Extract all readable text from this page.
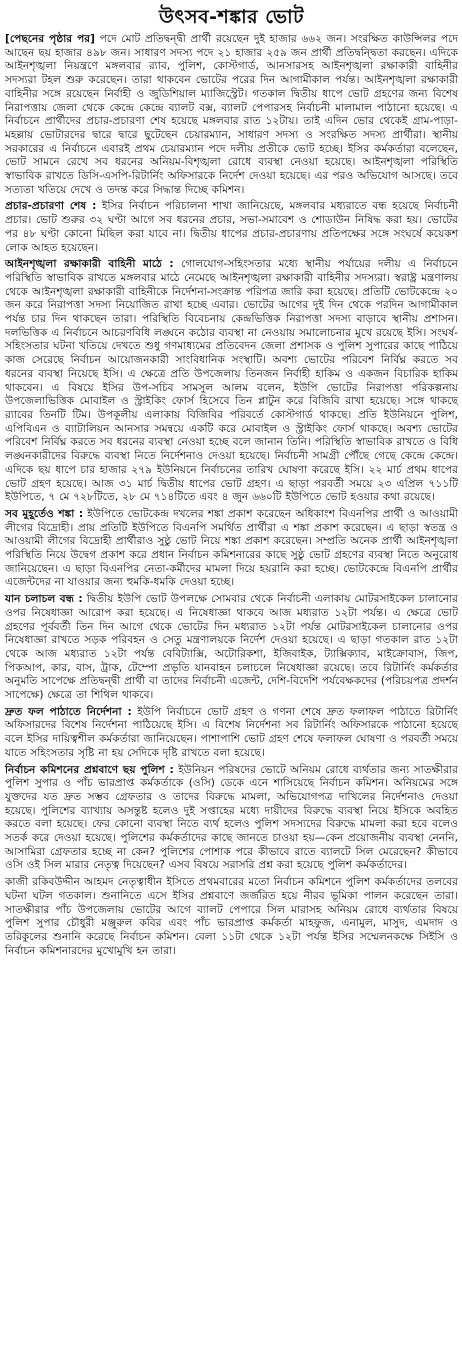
উৎসব-শঙ্কার ভোট

[পেছনের পৃষ্ঠার পর] পদে মোট প্রতিদ্বন্দ্বী প্রার্থী রয়েছেন দুই হাজার ৬৬২ জন। সংরক্ষিত কাউন্সিলর পদে আছেন ছয় হাজার ৪৯৮ জন। সাধারণ সদস্য পদে ২১ হাজার ২৫৯ জন প্রার্থী প্রতিদ্বন্দ্বিতা করছেন। এদিকে আইনশৃঙ্খলা নিয়ন্ত্রণে মঙ্গলবার র‍্যাব, পুলিশ, কোস্টগার্ড, আনসারসহ আইনশৃঙ্খলা রক্ষাকারী বাহিনীর সদস্যরা টহল শুরু করেছেন। তারা থাকবেন ভোটের পরের দিন আগামীকাল পর্যন্ত। আইনশৃঙ্খলা রক্ষাকারী বাহিনীর সঙ্গে রয়েছেন নির্বাহী ও জুডিশিয়াল ম্যাজিস্ট্রেট। গতকাল দ্বিতীয় ধাপে ভোট গ্রহণের জন্য বিশেষ নিরাপত্তায় জেলা থেকে কেন্দ্রে কেন্দ্রে ব্যালট বক্স, ব্যালট পেপারসহ নির্বাচনী মালামাল পাঠানো হয়েছে। এ নির্বাচনে প্রার্থীদের প্রচার-প্রচারণা শেষ হয়েছে মঙ্গলবার রাত ১২টায়। তাই এদিন ভোর থেকেই গ্রাম-পাড়া-মহল্লায় ভোটারদের দ্বারে দ্বারে ছুটেছেন চেয়ারম্যান, সাধারণ সদস্য ও সংরক্ষিত সদস্য প্রার্থীরা। স্থানীয় সরকারের এ নির্বাচনে এবারই প্রথম চেয়ারম্যান পদে দলীয় প্রতীকে ভোট হচ্ছে। ইসির কর্মকর্তারা বলেছেন, ভোট সামনে রেখে সব ধরনের অনিয়ম-বিশৃঙ্খলা রোধে ব্যবস্থা নেওয়া হয়েছে। আইনশৃঙ্খলা পরিস্থিতি স্বাভাবিক রাখতে ডিসি-এসপি-রিটার্নিং অফিসারকে নির্দেশ দেওয়া হয়েছে। এর পরও অভিযোগ আসছে। তবে সত্যতা খতিয়ে দেখে ও তদন্ত করে সিদ্ধান্ত দিচ্ছে কমিশন।

প্রচার-প্রচারণা শেষ : ইসির নির্বাচন পরিচালনা শাখা জানিয়েছে, মঙ্গলবার মধ্যরাতে বন্ধ হয়েছে নির্বাচনী প্রচার। ভোট শুরুর ৩২ ঘণ্টা আগে সব ধরনের প্রচার, সভা-সমাবেশ ও শোডাউন নিষিদ্ধ করা হয়। ভোটের পর ৪৮ ঘণ্টা কোনো মিছিল করা যাবে না। দ্বিতীয় ধাপের প্রচার-প্রচারণায় প্রতিপক্ষের সঙ্গে সংঘর্ষে কয়েকশ লোক আহত হয়েছেন।

আইনশৃঙ্খলা রক্ষাকারী বাহিনী মাঠে : গোলযোগ-সহিংসতার মধ্যে স্থানীয় পর্যায়ের দলীয় এ নির্বাচনে পরিস্থিতি স্বাভাবিক রাখতে মঙ্গলবার মাঠে নেমেছে আইনশৃঙ্খলা রক্ষাকারী বাহিনীর সদস্যরা। স্বরাষ্ট্র মন্ত্রণালয় থেকে আইনশৃঙ্খলা রক্ষাকারী বাহিনীকে নির্দেশনা-সংক্রান্ত পরিপত্র জারি করা হয়েছে। প্রতিটি ভোটকেন্দ্রে ২০ জন করে নিরাপত্তা সদস্য নিয়োজিত রাখা হচ্ছে এবার। ভোটের আগের দুই দিন থেকে পরদিন আগামীকাল পর্যন্ত চার দিন থাকছেন তারা। পরিস্থিতি বিবেচনায় কেন্দ্রভিত্তিক নিরাপত্তা সদস্য বাড়াবে স্থানীয় প্রশাসন। দলভিত্তিক এ নির্বাচনে আচরণবিধি লঙ্ঘনে কঠোর ব্যবস্থা না নেওয়ায় সমালোচনার মুখে রয়েছে ইসি। সংঘর্ষ-সহিংসতার ঘটনা খতিয়ে দেখতে শুধু গণমাধ্যমের প্রতিবেদন জেলা প্রশাসক ও পুলিশ সুপারের কাছে পাঠিয়ে কাজ সেরেছে নির্বাচন আয়োজনকারী সাংবিধানিক সংস্থাটি। অবশ্য ভোটের পরিবেশ নির্বিঘ্ন করতে সব ধরনের ব্যবস্থা নিয়েছে ইসি। এ ক্ষেত্রে প্রতি উপজেলায় তিনজন নির্বাহী হাকিম ও একজন বিচারিক হাকিম থাকবেন। এ বিষয়ে ইসির উপ-সচিব সামসুল আলম বলেন, ইউপি ভোটের নিরাপত্তা পরিকল্পনায় উপজেলাভিত্তিক মোবাইল ও স্ট্রাইকিং ফোর্স হিসেবে তিন প্লাটুন করে বিজিবি রাখা হয়েছে। সঙ্গে থাকছে র‍্যাবের তিনটি টিম। উপকূলীয় এলাকায় বিজিবির পরিবর্তে কোস্টগার্ড থাকছে। প্রতি ইউনিয়নে পুলিশ, এপিবিএন ও ব্যাটালিয়ন আনসার সমন্বয়ে একটি করে মোবাইল ও স্ট্রাইকিং ফোর্স থাকছে। অবশ্য ভোটের পরিবেশ নির্বিঘ্ন করতে সব ধরনের ব্যবস্থা নেওয়া হচ্ছে বলে জানান তিনি। পরিস্থিতি স্বাভাবিক রাখতে ও বিধি লঙ্ঘনকারীদের বিরুদ্ধে ব্যবস্থা নিতে নির্দেশনাও দেওয়া হয়েছে। নির্বাচনী সামগ্রী পৌঁছে গেছে কেন্দ্রে কেন্দ্রে। এদিকে ছয় ধাপে চার হাজার ২৭৯ ইউনিয়নে নির্বাচনের তারিখ ঘোষণা করেছে ইসি। ২২ মার্চ প্রথম ধাপের ভোট গ্রহণ হয়েছে। আজ ৩১ মার্চ দ্বিতীয় ধাপের ভোট গ্রহণ। এ ছাড়া পরবর্তী সময়ে ২৩ এপ্রিল ৭১১টি ইউপিতে, ৭ মে ৭২৮টিতে, ২৮ মে ৭১৪টিতে এবং ৪ জুন ৬৬০টি ইউপিতে ভোট হওয়ার কথা রয়েছে।

সব মুহূর্তেও শঙ্কা : ইউপিতে ভোটকেন্দ্র দখলের শঙ্কা প্রকাশ করেছেন অধিকাংশ বিএনপির প্রার্থী ও আওয়ামী লীগের বিদ্রোহী। প্রায় প্রতিটি ইউপিতে বিএনপি সমর্থিত প্রার্থীরা এ শঙ্কা প্রকাশ করেছেন। এ ছাড়া স্বতন্ত্র ও আওয়ামী লীগের বিদ্রোহী প্রার্থীরাও সুষ্ঠু ভোট নিয়ে শঙ্কা প্রকাশ করেছেন। সম্প্রতি অনেক প্রার্থী আইনশৃঙ্খলা পরিস্থিতি নিয়ে উদ্বেগ প্রকাশ করে প্রধান নির্বাচন কমিশনারের কাছে সুষ্ঠু ভোট গ্রহণের ব্যবস্থা নিতে অনুরোধ জানিয়েছেন। এ ছাড়া বিএনপির নেতা-কর্মীদের মামলা দিয়ে হয়রানি করা হচ্ছে। ভোটকেন্দ্রে বিএনপি প্রার্থীর এজেন্টদের না যাওয়ার জন্য হুমকি-ধমকি দেওয়া হচ্ছে।

যান চলাচল বন্ধ : দ্বিতীয় ইউপি ভোট উপলক্ষে সোমবার থেকে নির্বাচনী এলাকায় মোটরসাইকেল চালানোর ওপর নিষেধাজ্ঞা আরোপ করা হয়েছে। এ নিষেধাজ্ঞা থাকবে আজ মধ্যরাত ১২টা পর্যন্ত। এ ক্ষেত্রে ভোট গ্রহণের পূর্ববর্তী তিন দিন আগে থেকে ভোটের দিন মধ্যরাত ১২টা পর্যন্ত মোটরসাইকেল চালানোর ওপর নিষেধাজ্ঞা রাখতে সড়ক পরিবহন ও সেতু মন্ত্রণালয়কে নির্দেশ দেওয়া হয়েছে। এ ছাড়া গতকাল রাত ১২টা থেকে আজ মধ্যরাত ১২টা পর্যন্ত বেবিট্যাক্সি, অটোরিকশা, ইজিবাইক, ট্যাক্সিক্যাব, মাইক্রোবাস, জিপ, পিকআপ, কার, বাস, ট্রাক, টেম্পো প্রভৃতি যানবাহন চলাচলে নিষেধাজ্ঞা রয়েছে। তবে রিটার্নিং কর্মকর্তার অনুমতি সাপেক্ষে প্রতিদ্বন্দ্বী প্রার্থী বা তাদের নির্বাচনী এজেন্ট, দেশি-বিদেশি পর্যবেক্ষকদের (পরিচয়পত্র প্রদর্শন সাপেক্ষে) ক্ষেত্রে তা শিথিল থাকবে।

দ্রুত ফল পাঠাতে নির্দেশনা : ইউপি নির্বাচনে ভোট গ্রহণ ও গণনা শেষে দ্রুত ফলাফল পাঠাতে রিটার্নিং অফিসারদের বিশেষ নির্দেশনা পাঠিয়েছে ইসি। এ বিশেষ নির্দেশনা সব রিটার্নিং অফিসারকে পাঠানো হয়েছে বলে ইসির দায়িত্বশীল কর্মকর্তারা জানিয়েছেন। পাশাপাশি ভোট গ্রহণ শেষে ফলাফল ঘোষণা ও পরবর্তী সময়ে যাতে সহিংসতার সৃষ্টি না হয় সেদিকে দৃষ্টি রাখতে বলা হয়েছে।

নির্বাচন কমিশনের প্রশ্নবাণে ছয় পুলিশ : ইউনিয়ন পরিষদের ভোটে অনিয়ম রোধে ব্যর্থতার জন্য সাতক্ষীরার পুলিশ সুপার ও পাঁচ ভারপ্রাপ্ত কর্মকর্তাকে (ওসি) ডেকে এনে শাসিয়েছে নির্বাচন কমিশন। অনিয়মের সঙ্গে যুক্তদের যত দ্রুত সম্ভব গ্রেফতার ও তাদের বিরুদ্ধে মামলা, অভিযোগপত্র দাখিলের নির্দেশনাও দেওয়া হয়েছে। পুলিশের ব্যাখ্যায় অসন্তুষ্ট হলেও দুই সপ্তাহের মধ্যে দায়ীদের বিরুদ্ধে ব্যবস্থা নিয়ে ইসিকে অবহিত করতে বলা হয়েছে। ফের কোনো ব্যবস্থা নিতে ব্যর্থ হলেও পুলিশ সদস্যদের বিরুদ্ধে মামলা করা হবে বলেও সতর্ক করে দেওয়া হয়েছে। পুলিশের কর্মকর্তাদের কাছে জানতে চাওয়া হয়—কেন প্রয়োজনীয় ব্যবস্থা নেননি, আসামিরা গ্রেফতার হচ্ছে না কেন? পুলিশের পোশাক পরে কীভাবে রাতে ব্যালটে সিল মেরেছেন? কীভাবে ওসি ওই সিল মারার নেতৃত্ব দিয়েছেন? এসব বিষয়ে সরাসরি প্রশ্ন করা হয়েছে পুলিশ কর্মকর্তাদের।

কাজী রকিবউদ্দীন আহমদ নেতৃত্বাধীন ইসিতে প্রথমবারের মতো নির্বাচন কমিশনে পুলিশ কর্মকর্তাদের তলবের ঘটনা ঘটল গতকাল। শুনানিতে এসে ইসির প্রশ্নবাণে জর্জরিত হয়ে নীরব ভূমিকা পালন করেছেন তারা। সাতক্ষীরার পাঁচ উপজেলায় ভোটের আগে ব্যালট পেপারে সিল মারাসহ অনিয়ম রোধে ব্যর্থতার বিষয়ে পুলিশ সুপার চৌধুরী মঞ্জুরুল কবির এবং পাঁচ ভারপ্রাপ্ত কর্মকর্তা মাহফুজ, এনামুল, মাসুদ, এমদাদ ও তরিকুলের শুনানি করেছে নির্বাচন কমিশন। বেলা ১১টা থেকে ১২টা পর্যন্ত ইসির সম্মেলনকক্ষে সিইসি ও নির্বাচন কমিশনারদের মুখোমুখি হন তারা।
